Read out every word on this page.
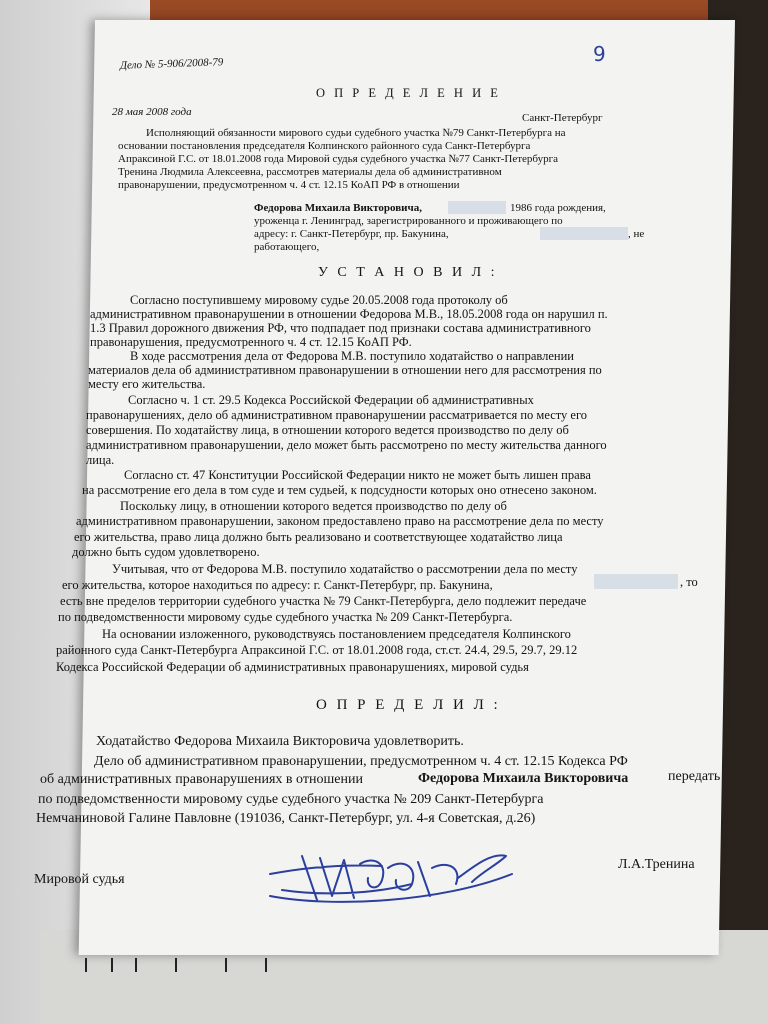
Дело № 5-906/2008-79	9
О П Р Е Д Е Л Е Н И Е
28 мая 2008 года	Санкт-Петербург
Исполняющий обязанности мирового судьи судебного участка №79 Санкт-Петербурга на
основании постановления председателя Колпинского районного суда Санкт-Петербурга
Апраксиной Г.С. от 18.01.2008 года Мировой судья судебного участка №77 Санкт-Петербурга
Тренина Людмила Алексеевна, рассмотрев материалы дела об административном
правонарушении, предусмотренном ч. 4 ст. 12.15 КоАП РФ в отношении
Федорова Михаила Викторовича,	1986 года рождения,
уроженца г. Ленинград, зарегистрированного и проживающего по
адресу: г. Санкт-Петербург, пр. Бакунина,	, не
работающего,
У С Т А Н О В И Л :
Согласно поступившему мировому судье 20.05.2008 года протоколу об
административном правонарушении в отношении Федорова М.В., 18.05.2008 года он нарушил п.
1.3 Правил дорожного движения РФ, что подпадает под признаки состава административного
правонарушения, предусмотренного ч. 4 ст. 12.15 КоАП РФ.
В ходе рассмотрения дела от Федорова М.В. поступило ходатайство о направлении
материалов дела об административном правонарушении в отношении него для рассмотрения по
месту его жительства.
Согласно ч. 1 ст. 29.5 Кодекса Российской Федерации об административных
правонарушениях, дело об административном правонарушении рассматривается по месту его
совершения. По ходатайству лица, в отношении которого ведется производство по делу об
административном правонарушении, дело может быть рассмотрено по месту жительства данного
лица.
Согласно ст. 47 Конституции Российской Федерации никто не может быть лишен права
на рассмотрение его дела в том суде и тем судьей, к подсудности которых оно отнесено законом.
Поскольку лицу, в отношении которого ведется производство по делу об
административном правонарушении, законом предоставлено право на рассмотрение дела по месту
его жительства, право лица должно быть реализовано и соответствующее ходатайство лица
должно быть судом удовлетворено.
Учитывая, что от Федорова М.В. поступило ходатайство о рассмотрении дела по месту
его жительства, которое находиться по адресу: г. Санкт-Петербург, пр. Бакунина,	, то
есть вне пределов территории судебного участка № 79 Санкт-Петербурга, дело подлежит передаче
по подведомственности мировому судье судебного участка № 209 Санкт-Петербурга.
На основании изложенного, руководствуясь постановлением председателя Колпинского
районного суда Санкт-Петербурга Апраксиной Г.С. от 18.01.2008 года, ст.ст. 24.4, 29.5, 29.7, 29.12
Кодекса Российской Федерации об административных правонарушениях, мировой судья
О П Р Е Д Е Л И Л :
Ходатайство Федорова Михаила Викторовича удовлетворить.
Дело об административном правонарушении, предусмотренном ч. 4 ст. 12.15 Кодекса РФ
об административных правонарушениях в отношении	Федорова Михаила Викторовича	передать
по подведомственности мировому судье судебного участка № 209 Санкт-Петербурга
Немчаниновой Галине Павловне (191036, Санкт-Петербург, ул. 4-я Советская, д.26)
Мировой судья
Л.А.Тренина
